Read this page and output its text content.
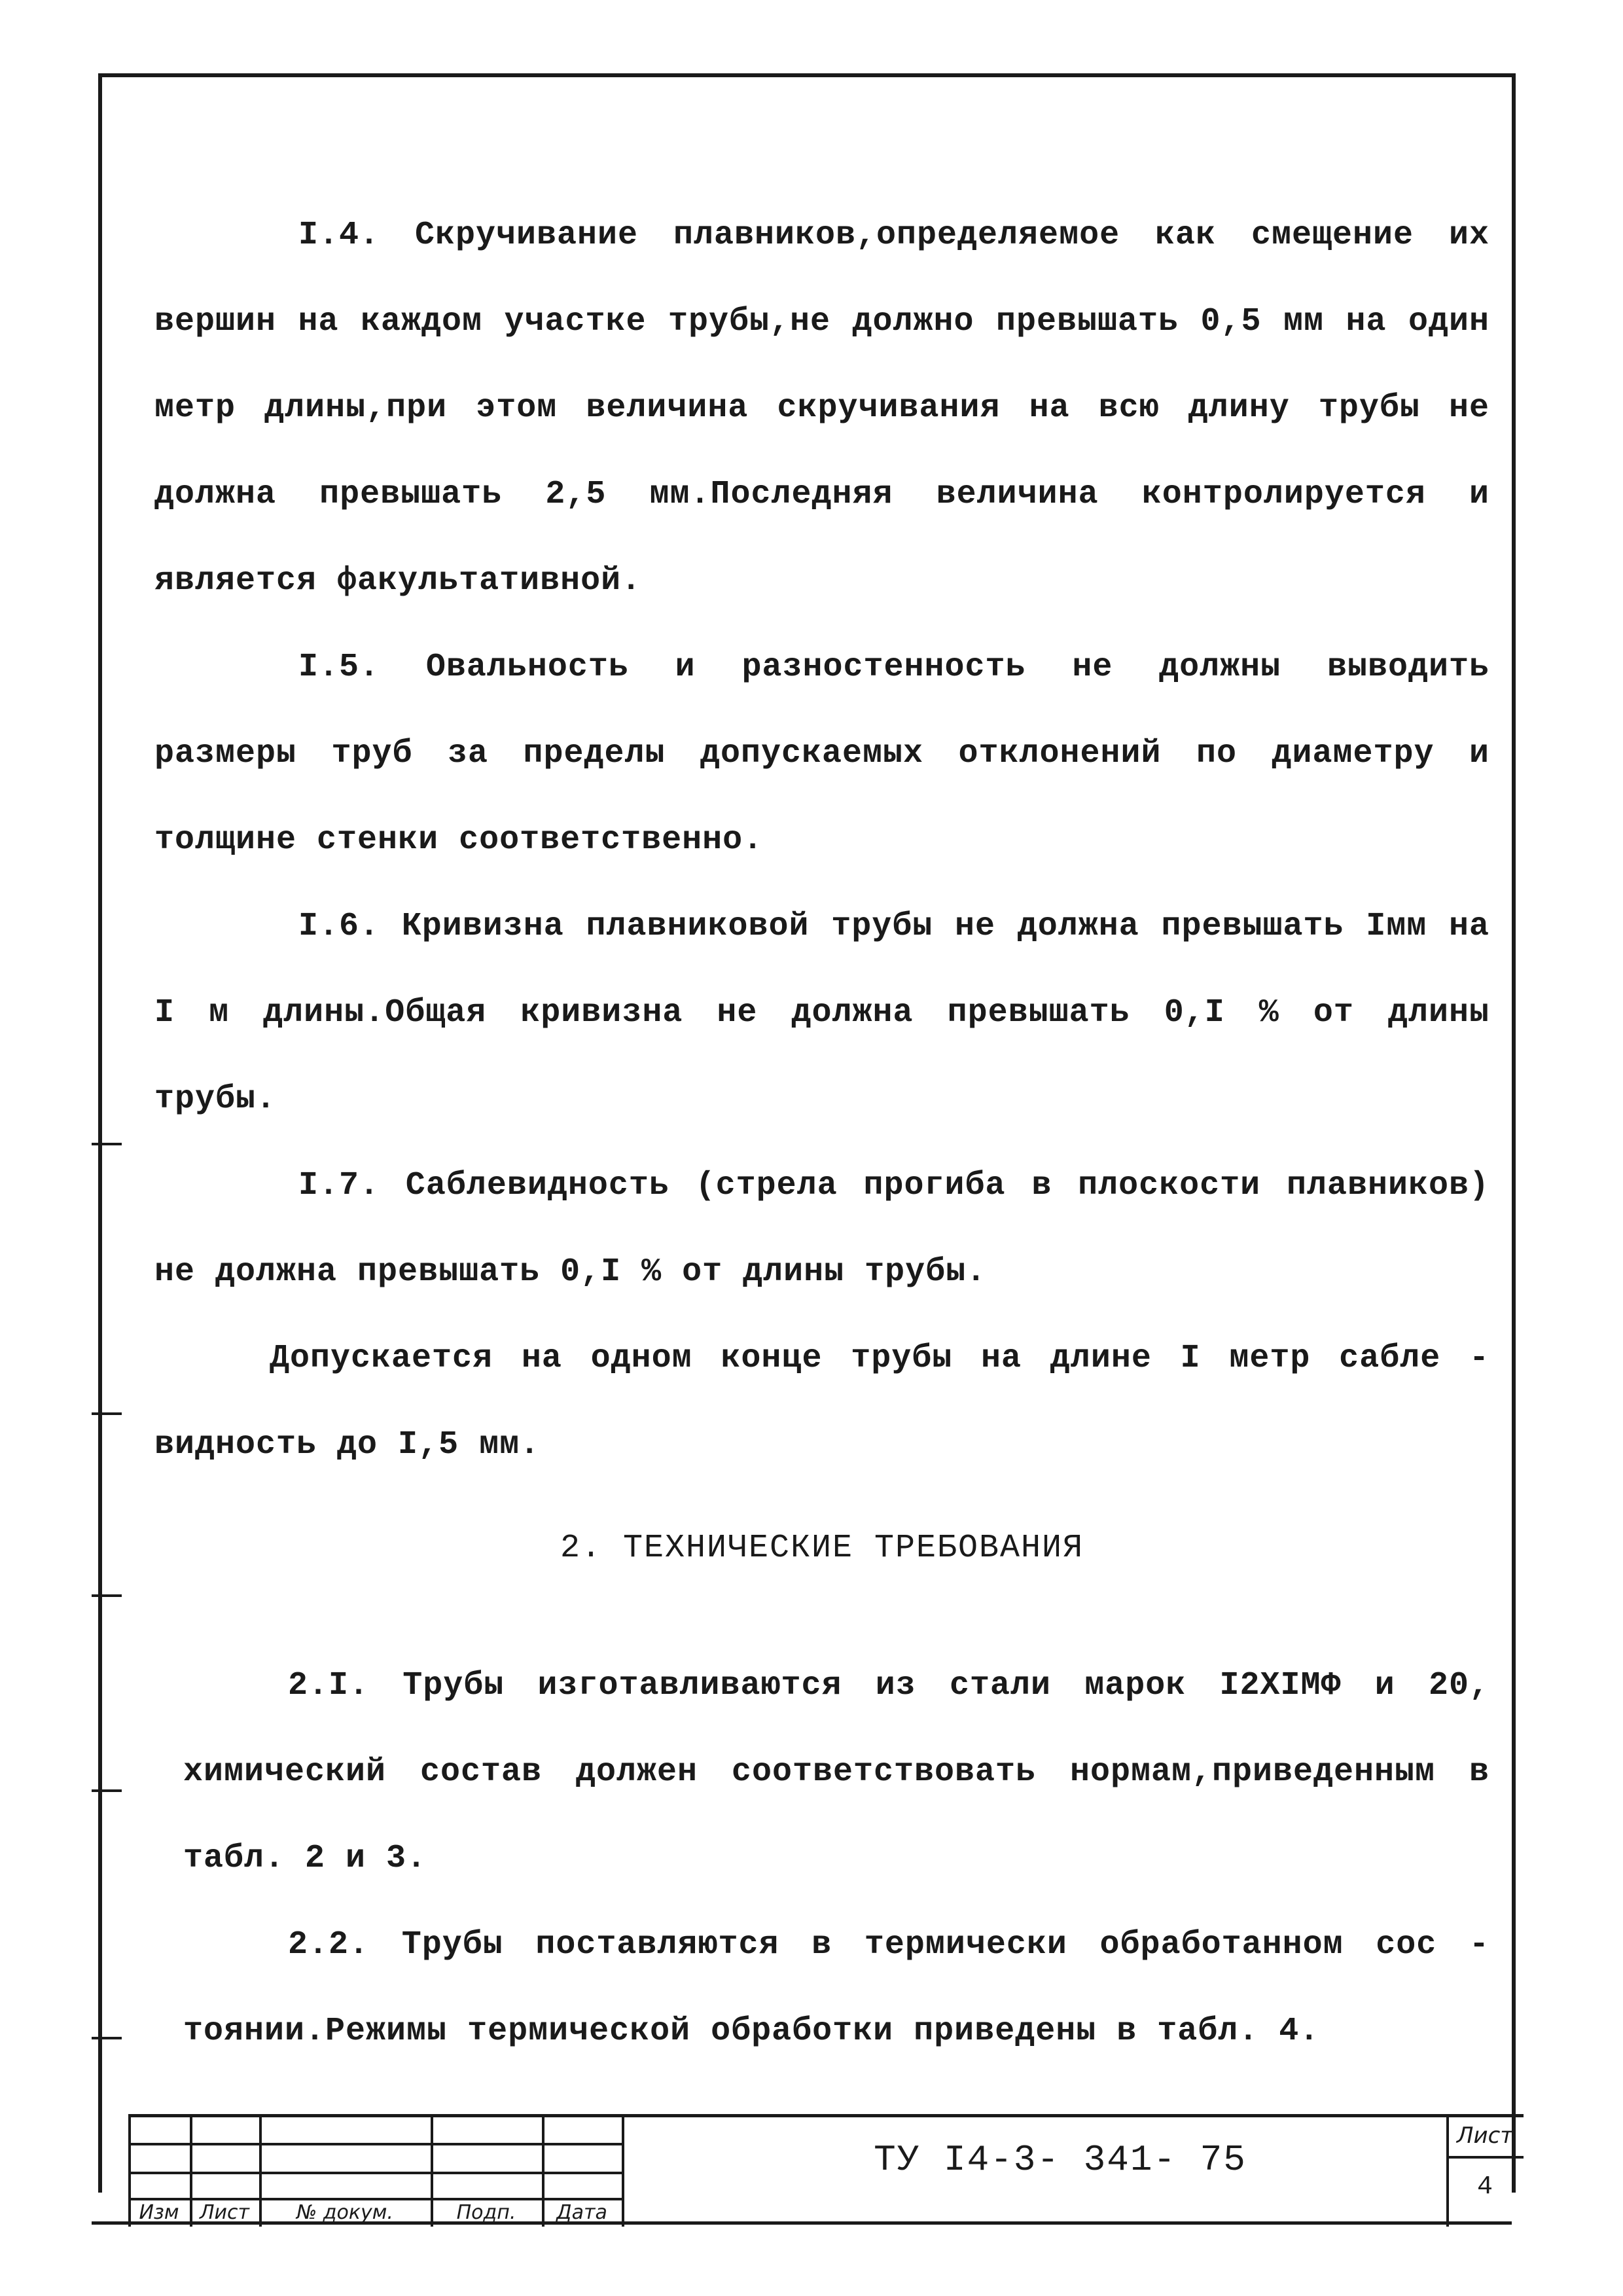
I.4. Скручивание плавников,определяемое как смещение их вершин на каждом участке трубы,не должно превышать 0,5 мм на один метр длины,при этом величина скручивания на всю длину трубы не должна превышать 2,5 мм.Последняя величина контролируется и является факультативной.

I.5. Овальность и разностенность не должны выводить размеры труб за пределы допускаемых отклонений по диаметру и толщине стенки соответственно.

I.6. Кривизна плавниковой трубы не должна превышать Iмм на I м длины.Общая кривизна не должна превышать 0,I % от длины трубы.

I.7. Саблевидность (стрела прогиба в плоскости плавников) не должна превышать 0,I % от длины трубы.

Допускается на одном конце трубы на длине I метр сабле - видность до I,5 мм.

2. ТЕХНИЧЕСКИЕ ТРЕБОВАНИЯ

2.I. Трубы изготавливаются из стали марок I2XIМФ и 20, химический состав должен соответствовать нормам,приведенным в табл. 2 и 3.

2.2. Трубы поставляются в термически обработанном сос - тоянии.Режимы термической обработки приведены в табл. 4.

Изм	Лист	№ докум.	Подп.	Дата
ТУ I4-3- 341- 75
Лист
4
